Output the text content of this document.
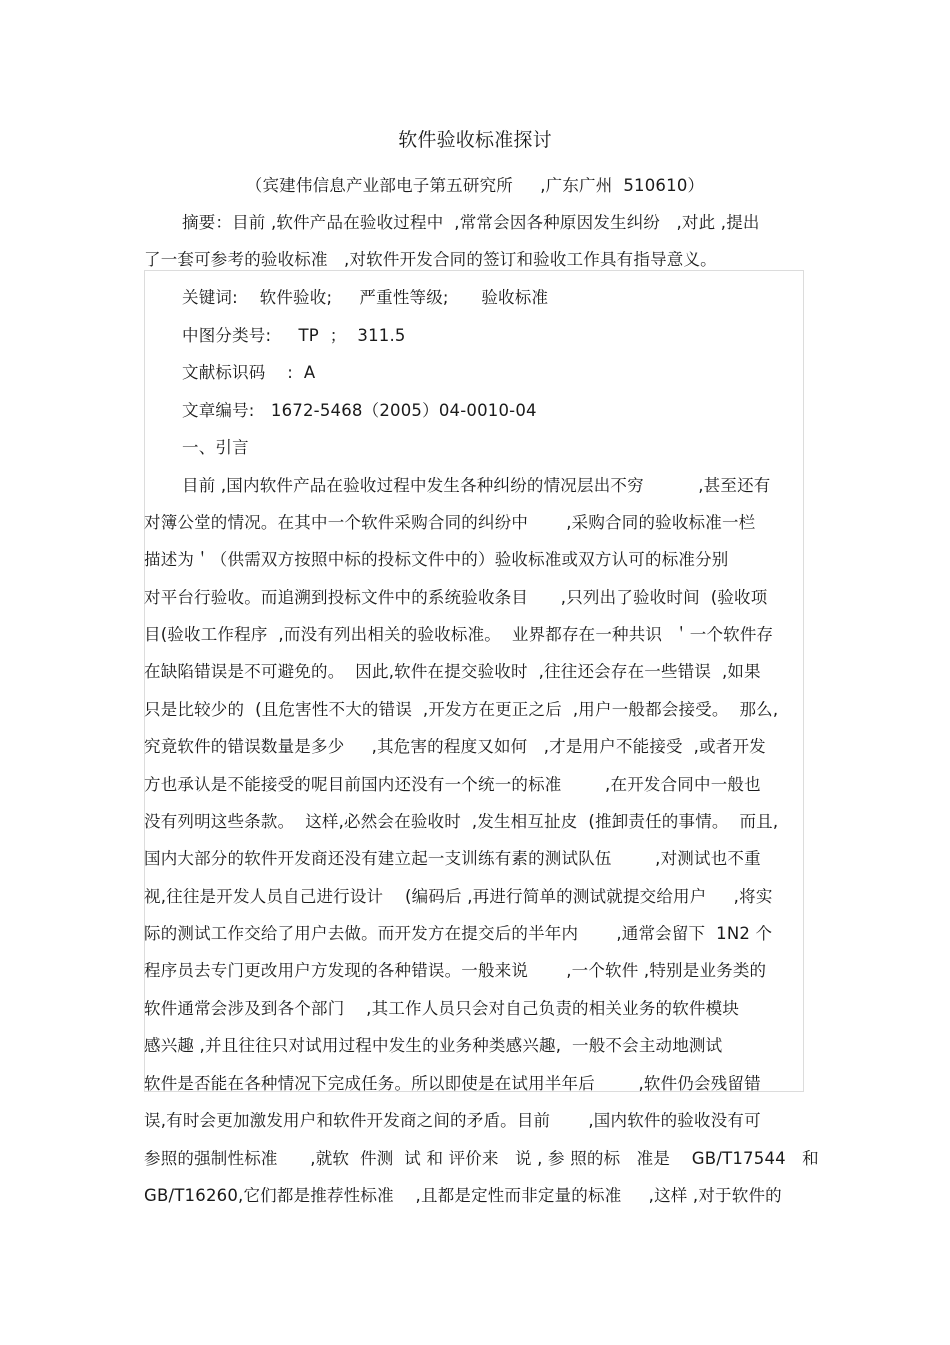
软件验收标准探讨
（宾建伟信息产业部电子第五研究所     ,广东广州  510610）
摘要：目前 ,软件产品在验收过程中  ,常常会因各种原因发生纠纷   ,对此 ,提出
了一套可参考的验收标准   ,对软件开发合同的签订和验收工作具有指导意义。
关键词:    软件验收;     严重性等级;      验收标准
中图分类号:     TP  ；  311.5
文献标识码    :  A
文章编号:   1672-5468（2005）04-0010-04
一、引言
目前 ,国内软件产品在验收过程中发生各种纠纷的情况层出不穷          ,甚至还有
对簿公堂的情况。在其中一个软件采购合同的纠纷中       ,采购合同的验收标准一栏
描述为＇（供需双方按照中标的投标文件中的）验收标准或双方认可的标准分别
对平台行验收。而追溯到投标文件中的系统验收条目      ,只列出了验收时间  (验收项
目(验收工作程序  ,而没有列出相关的验收标准。  业界都存在一种共识  ＇一个软件存
在缺陷错误是不可避免的。  因此,软件在提交验收时  ,往往还会存在一些错误  ,如果
只是比较少的  (且危害性不大的错误  ,开发方在更正之后  ,用户一般都会接受。  那么,
究竟软件的错误数量是多少     ,其危害的程度又如何   ,才是用户不能接受  ,或者开发
方也承认是不能接受的呢目前国内还没有一个统一的标准        ,在开发合同中一般也
没有列明这些条款。  这样,必然会在验收时  ,发生相互扯皮  (推卸责任的事情。  而且,
国内大部分的软件开发商还没有建立起一支训练有素的测试队伍        ,对测试也不重
视,往往是开发人员自己进行设计    (编码后 ,再进行简单的测试就提交给用户     ,将实
际的测试工作交给了用户去做。而开发方在提交后的半年内       ,通常会留下  1N2 个
程序员去专门更改用户方发现的各种错误。一般来说       ,一个软件 ,特别是业务类的
软件通常会涉及到各个部门    ,其工作人员只会对自己负责的相关业务的软件模块
感兴趣 ,并且往往只对试用过程中发生的业务种类感兴趣,  一般不会主动地测试
软件是否能在各种情况下完成任务。所以即使是在试用半年后        ,软件仍会残留错
误,有时会更加激发用户和软件开发商之间的矛盾。目前       ,国内软件的验收没有可
参照的强制性标准      ,就软  件测  试 和 评价来   说 , 参 照的标   准是    GB/T17544   和
GB/T16260,它们都是推荐性标准    ,且都是定性而非定量的标准     ,这样 ,对于软件的
